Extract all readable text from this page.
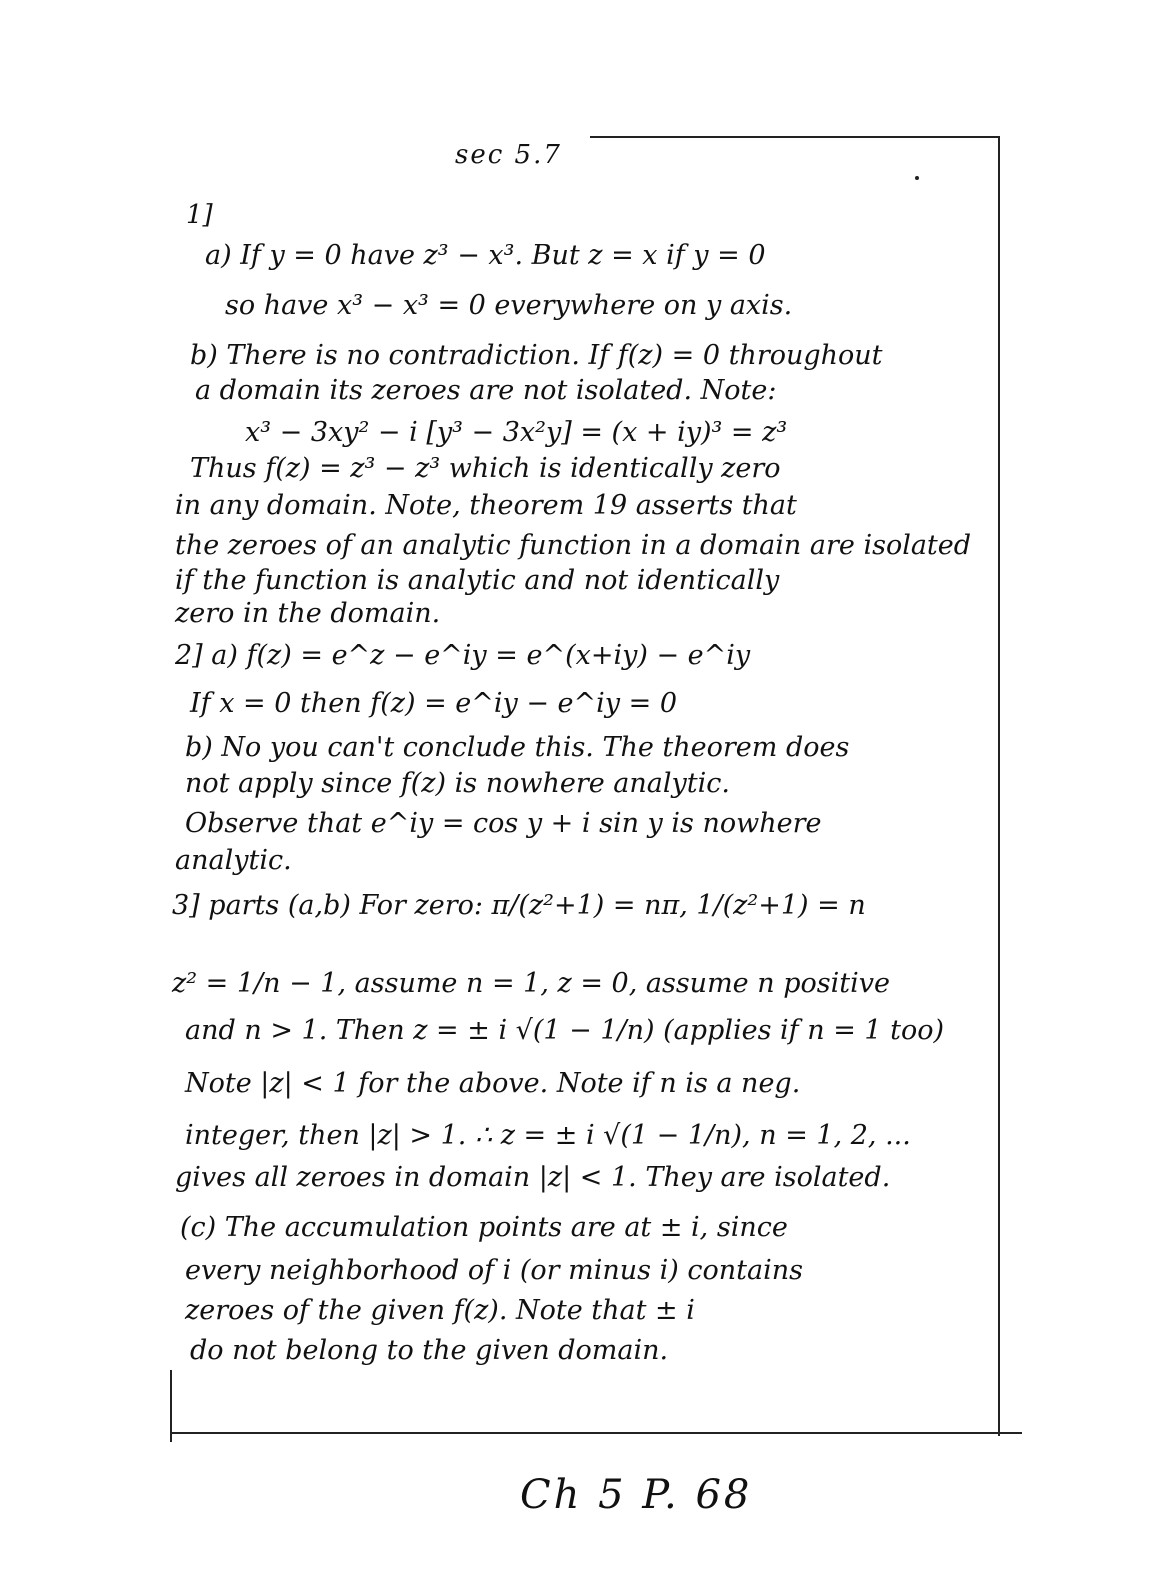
sec 5.7
1]
a) If y = 0 have z³ − x³. But z = x if y = 0
so have x³ − x³ = 0 everywhere on y axis.
b) There is no contradiction. If f(z) = 0 throughout
a domain its zeroes are not isolated. Note:
x³ − 3xy² − i [y³ − 3x²y] = (x + iy)³ = z³
Thus f(z) = z³ − z³ which is identically zero
in any domain. Note, theorem 19 asserts that
the zeroes of an analytic function in a domain are isolated
if the function is analytic and not identically
zero in the domain.
2] a) f(z) = e^z − e^iy = e^(x+iy) − e^iy
If x = 0 then f(z) = e^iy − e^iy = 0
b) No you can't conclude this. The theorem does
not apply since f(z) is nowhere analytic.
Observe that e^iy = cos y + i sin y is nowhere
analytic.
3] parts (a,b) For zero: π/(z²+1) = nπ, 1/(z²+1) = n
z² = 1/n − 1, assume n = 1, z = 0, assume n positive
and n > 1. Then z = ± i √(1 − 1/n) (applies if n = 1 too)
Note |z| < 1 for the above. Note if n is a neg.
integer, then |z| > 1. ∴ z = ± i √(1 − 1/n), n = 1, 2, ...
gives all zeroes in domain |z| < 1. They are isolated.
(c) The accumulation points are at ± i, since
every neighborhood of i (or minus i) contains
zeroes of the given f(z). Note that ± i
do not belong to the given domain.
Ch 5 P. 68
